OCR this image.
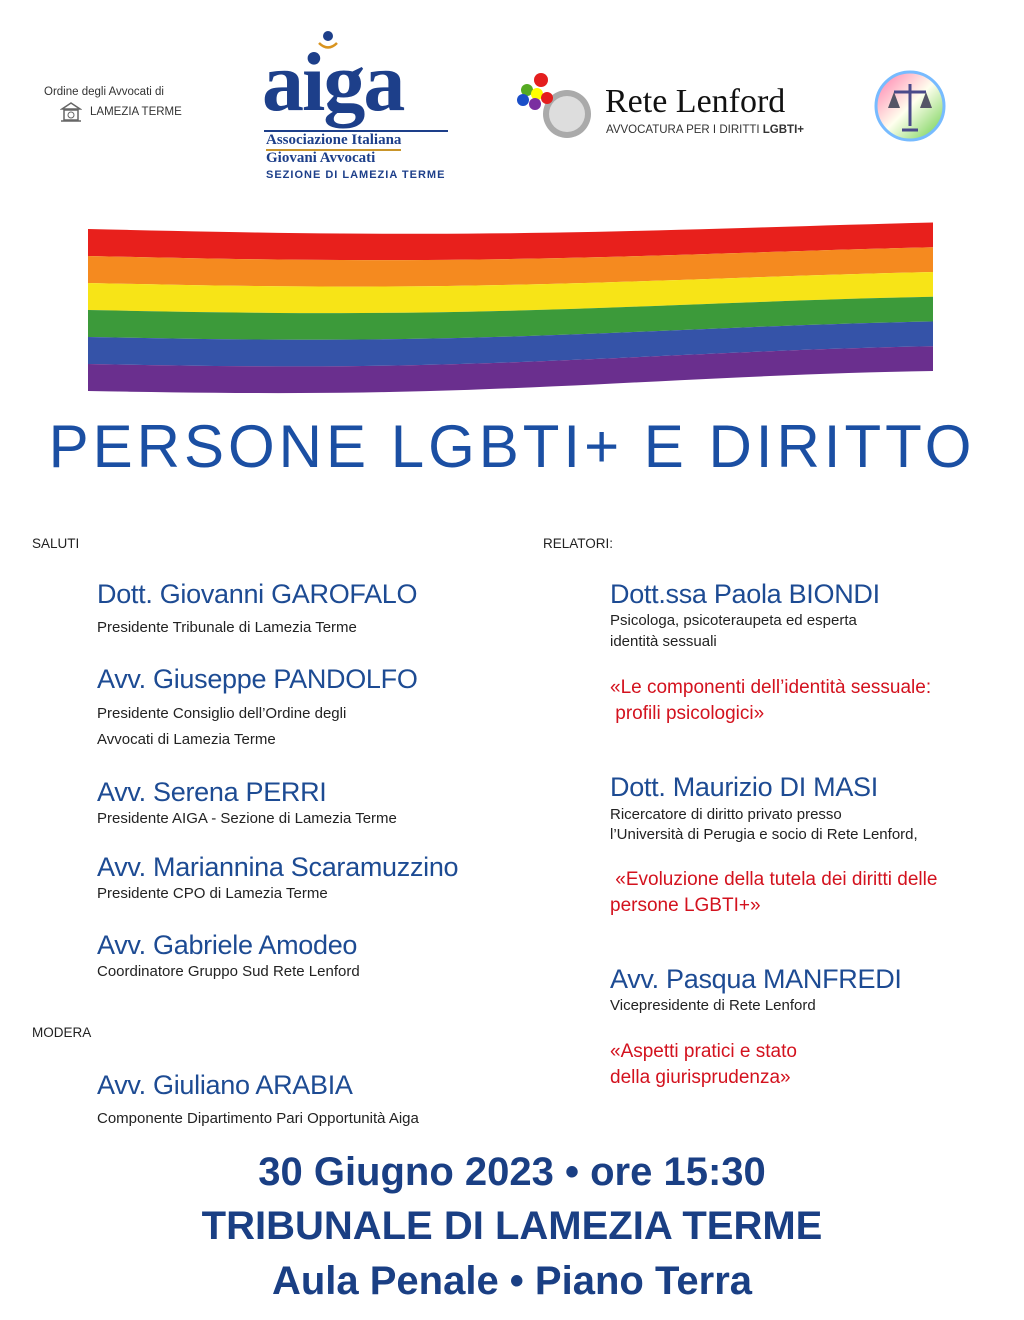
Ordine degli Avvocati di
LAMEZIA TERME aiga
Associazione Italiana
Giovani Avvocati
SEZIONE DI LAMEZIA TERME
Rete Lenford
AVVOCATURA PER I DIRITTI LGBTI+
PERSONE LGBTI+ E DIRITTO
SALUTI
Dott. Giovanni GAROFALO
Presidente Tribunale di Lamezia Terme
Avv. Giuseppe PANDOLFO
Presidente Consiglio dell’Ordine degli
Avvocati di Lamezia Terme
Avv. Serena PERRI
Presidente AIGA - Sezione di Lamezia Terme
Avv. Mariannina Scaramuzzino
Presidente CPO di Lamezia Terme
Avv. Gabriele Amodeo
Coordinatore Gruppo Sud Rete Lenford
MODERA
Avv. Giuliano ARABIA
Componente Dipartimento Pari Opportunità Aiga
RELATORI:
Dott.ssa Paola BIONDI
Psicologa, psicoteraupeta ed esperta
identità sessuali
«Le componenti dell’identità sessuale:
profili psicologici»
Dott. Maurizio DI MASI
Ricercatore di diritto privato presso
l’Università di Perugia e socio di Rete Lenford,
«Evoluzione della tutela dei diritti delle
persone LGBTI+»
Avv. Pasqua MANFREDI
Vicepresidente di Rete Lenford
«Aspetti pratici e stato
della giurisprudenza»
30 Giugno 2023 • ore 15:30
TRIBUNALE DI LAMEZIA TERME
Aula Penale • Piano Terra
